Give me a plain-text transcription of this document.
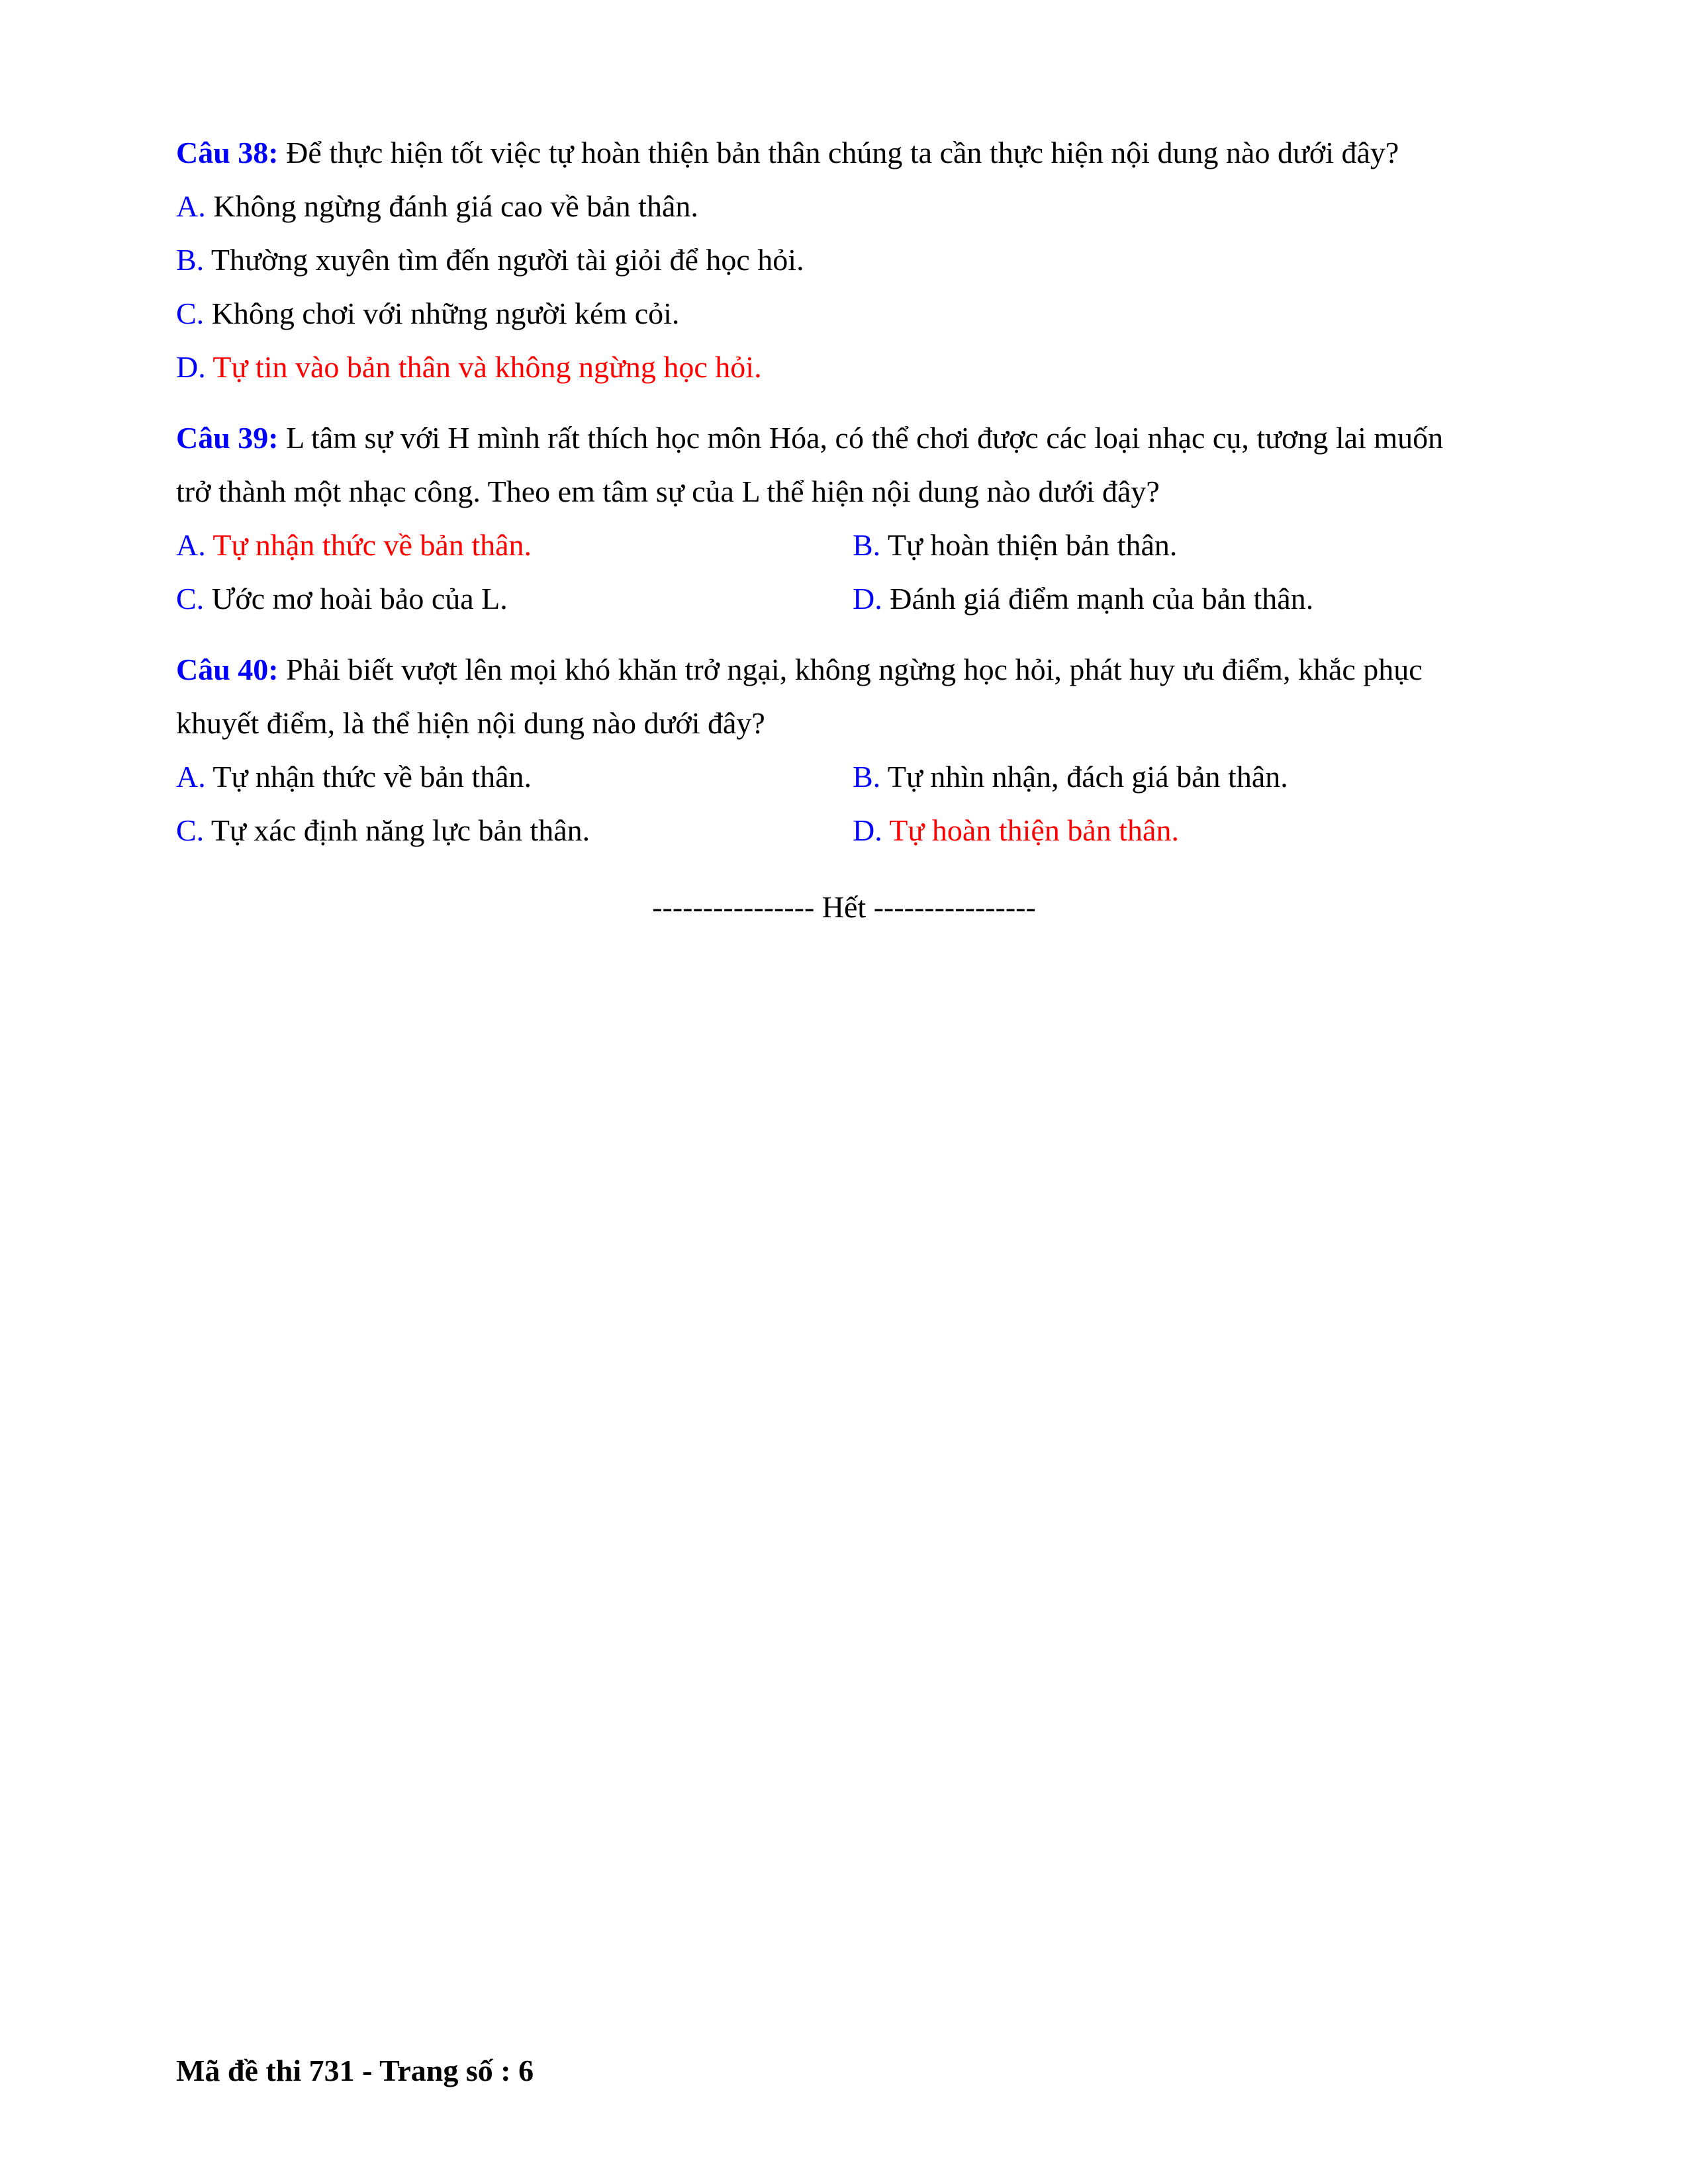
Câu 38: Để thực hiện tốt việc tự hoàn thiện bản thân chúng ta cần thực hiện nội dung nào dưới đây?
A. Không ngừng đánh giá cao về bản thân.
B. Thường xuyên tìm đến người tài giỏi để học hỏi.
C. Không chơi với những người kém cỏi.
D. Tự tin vào bản thân và không ngừng học hỏi.
Câu 39: L tâm sự với H mình rất thích học môn Hóa, có thể chơi được các loại nhạc cụ, tương lai muốn
trở thành một nhạc công. Theo em tâm sự của L thể hiện nội dung nào dưới đây?
A. Tự nhận thức về bản thân.	B. Tự hoàn thiện bản thân.
C. Ước mơ hoài bảo của L.	D. Đánh giá điểm mạnh của bản thân.
Câu 40: Phải biết vượt lên mọi khó khăn trở ngại, không ngừng học hỏi, phát huy ưu điểm, khắc phục
khuyết điểm, là thể hiện nội dung nào dưới đây?
A. Tự nhận thức về bản thân.	B. Tự nhìn nhận, đách giá bản thân.
C. Tự xác định năng lực bản thân.	D. Tự hoàn thiện bản thân.
---------------- Hết ----------------
Mã đề thi 731 - Trang số : 6
